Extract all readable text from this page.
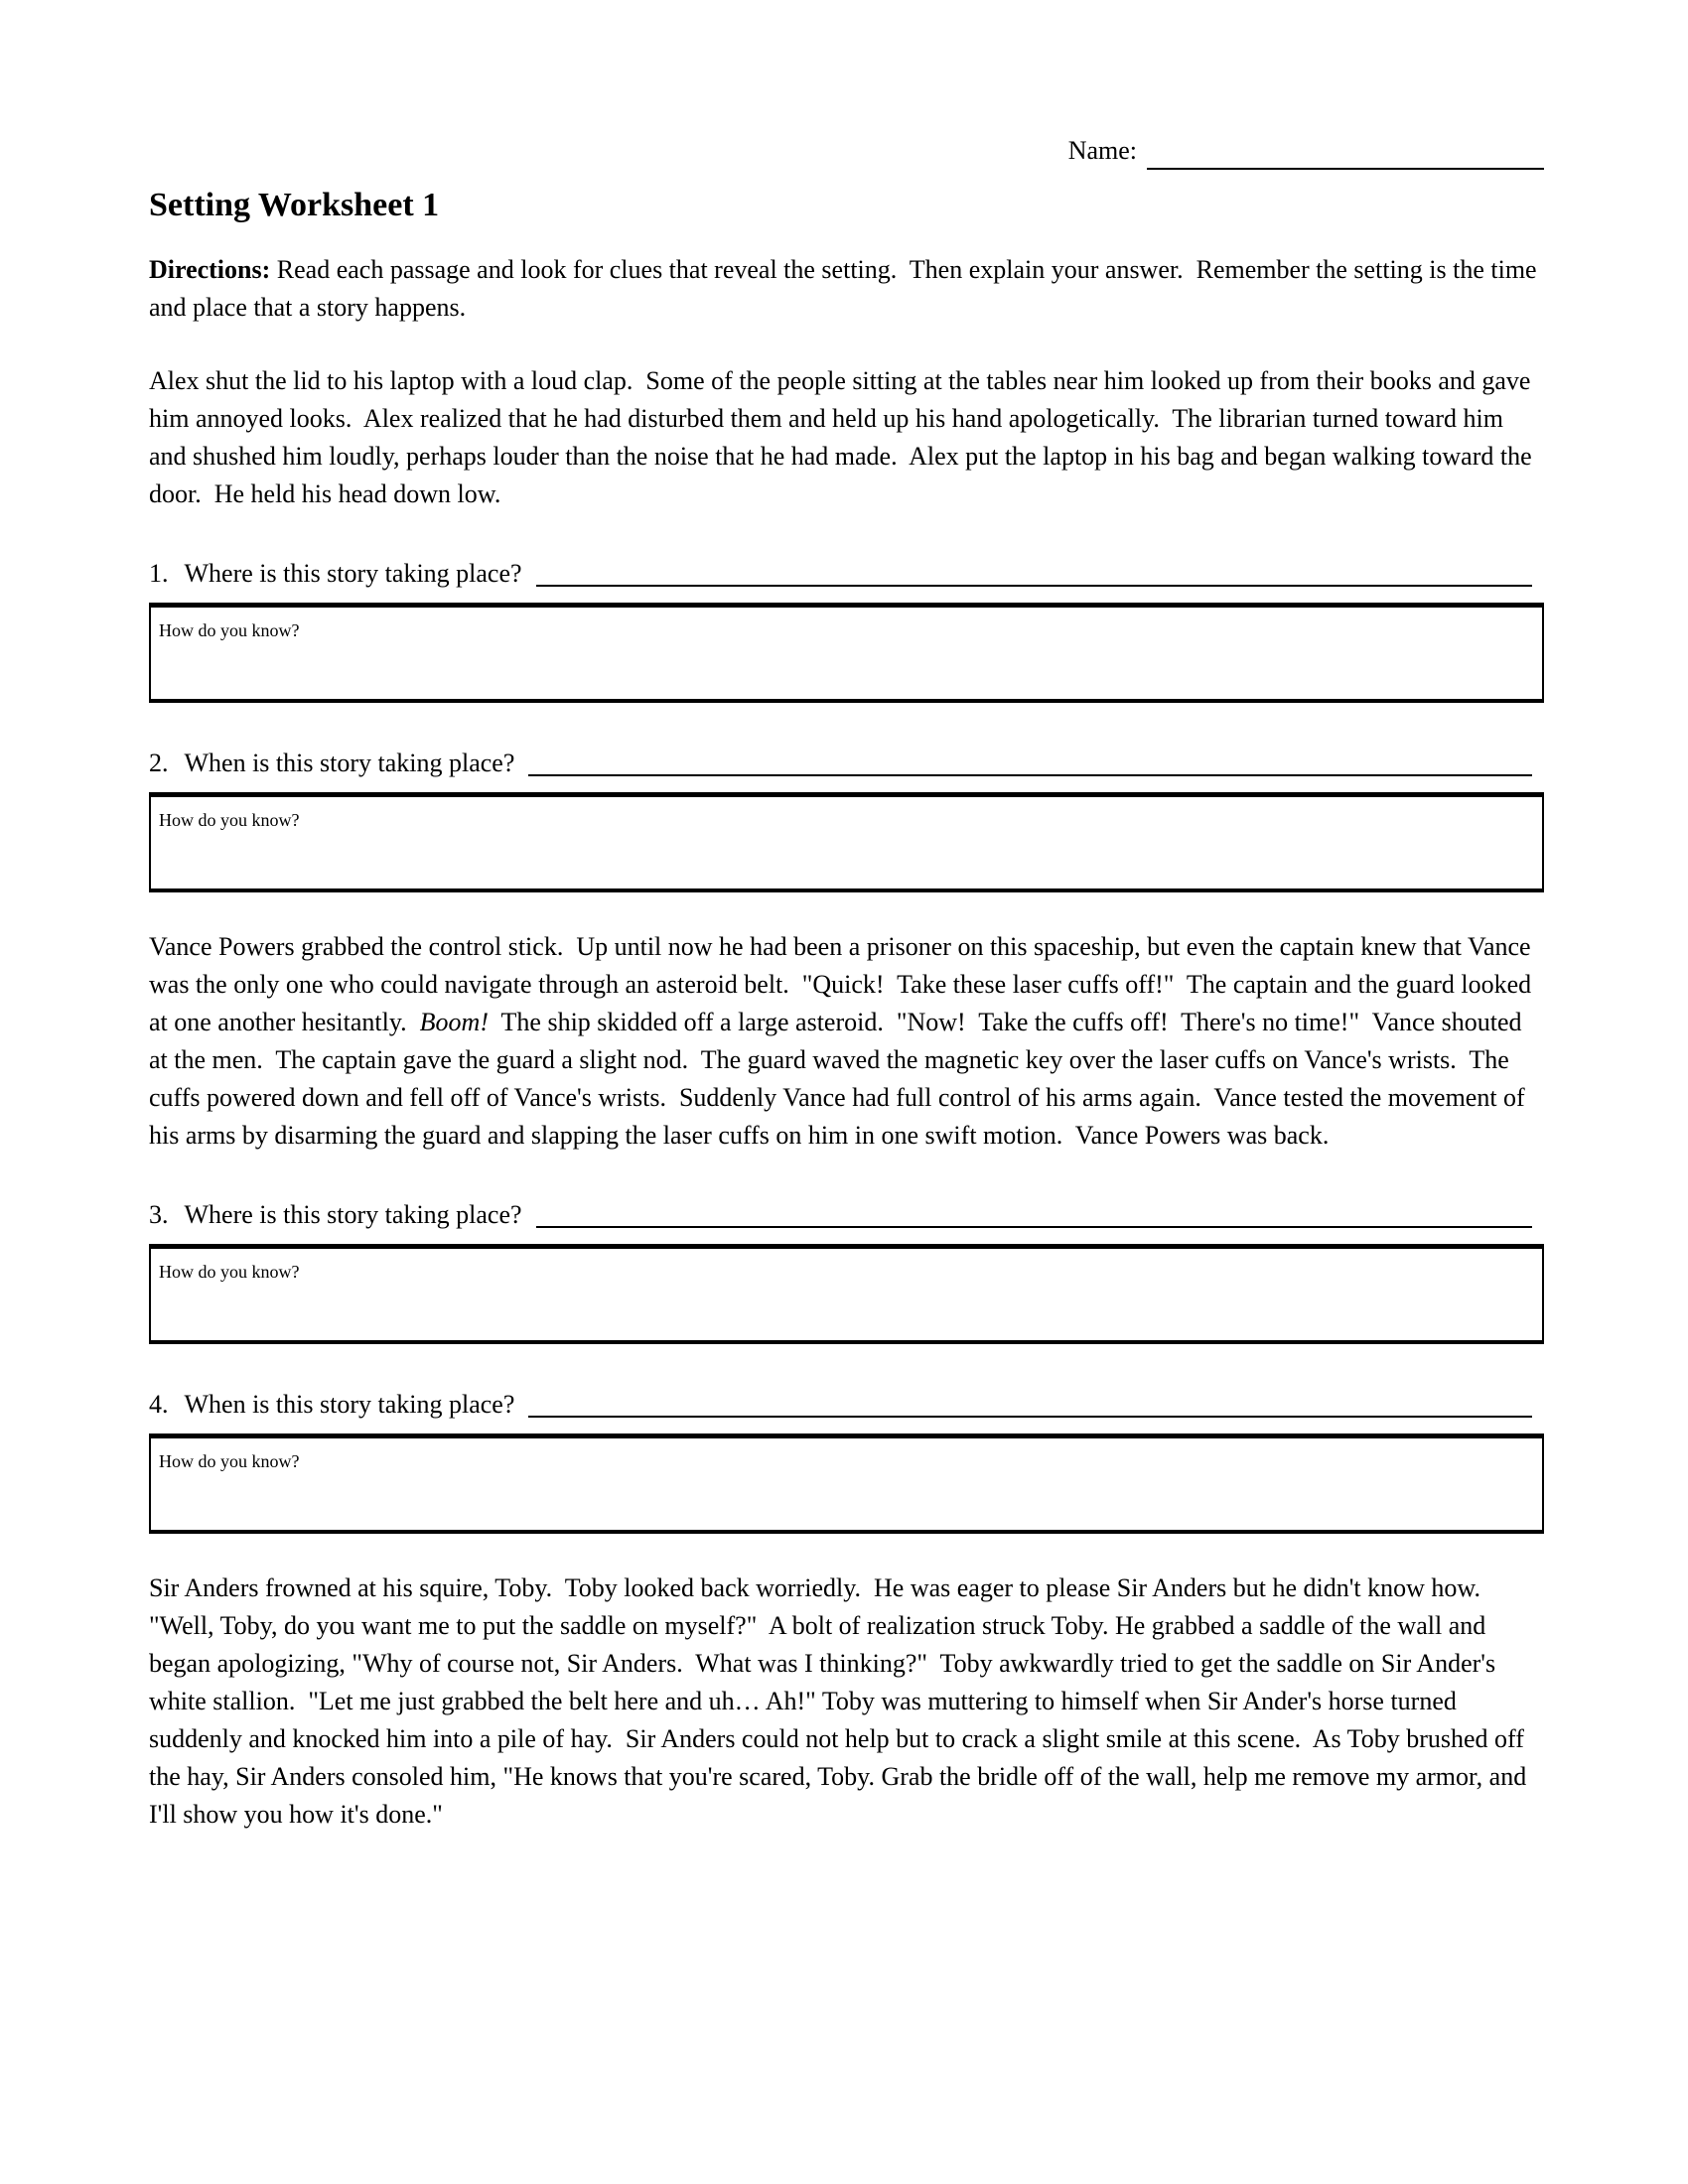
Name:
Setting Worksheet 1

Directions: Read each passage and look for clues that reveal the setting.  Then explain your answer.  Remember the setting is the time and place that a story happens.

Alex shut the lid to his laptop with a loud clap.  Some of the people sitting at the tables near him looked up from their books and gave him annoyed looks.  Alex realized that he had disturbed them and held up his hand apologetically.  The librarian turned toward him and shushed him loudly, perhaps louder than the noise that he had made.  Alex put the laptop in his bag and began walking toward the door.  He held his head down low.

1. Where is this story taking place?
How do you know?
2. When is this story taking place?
How do you know?

Vance Powers grabbed the control stick.  Up until now he had been a prisoner on this spaceship, but even the captain knew that Vance was the only one who could navigate through an asteroid belt.  "Quick!  Take these laser cuffs off!"  The captain and the guard looked at one another hesitantly.  Boom!  The ship skidded off a large asteroid.  "Now!  Take the cuffs off!  There's no time!"  Vance shouted at the men.  The captain gave the guard a slight nod.  The guard waved the magnetic key over the laser cuffs on Vance's wrists.  The cuffs powered down and fell off of Vance's wrists.  Suddenly Vance had full control of his arms again.  Vance tested the movement of his arms by disarming the guard and slapping the laser cuffs on him in one swift motion.  Vance Powers was back.

3. Where is this story taking place?
How do you know?
4. When is this story taking place?
How do you know?

Sir Anders frowned at his squire, Toby.  Toby looked back worriedly.  He was eager to please Sir Anders but he didn't know how.  "Well, Toby, do you want me to put the saddle on myself?"  A bolt of realization struck Toby. He grabbed a saddle of the wall and began apologizing, "Why of course not, Sir Anders.  What was I thinking?"  Toby awkwardly tried to get the saddle on Sir Ander's white stallion.  "Let me just grabbed the belt here and uh… Ah!" Toby was muttering to himself when Sir Ander's horse turned suddenly and knocked him into a pile of hay.  Sir Anders could not help but to crack a slight smile at this scene.  As Toby brushed off the hay, Sir Anders consoled him, "He knows that you're scared, Toby. Grab the bridle off of the wall, help me remove my armor, and I'll show you how it's done."
